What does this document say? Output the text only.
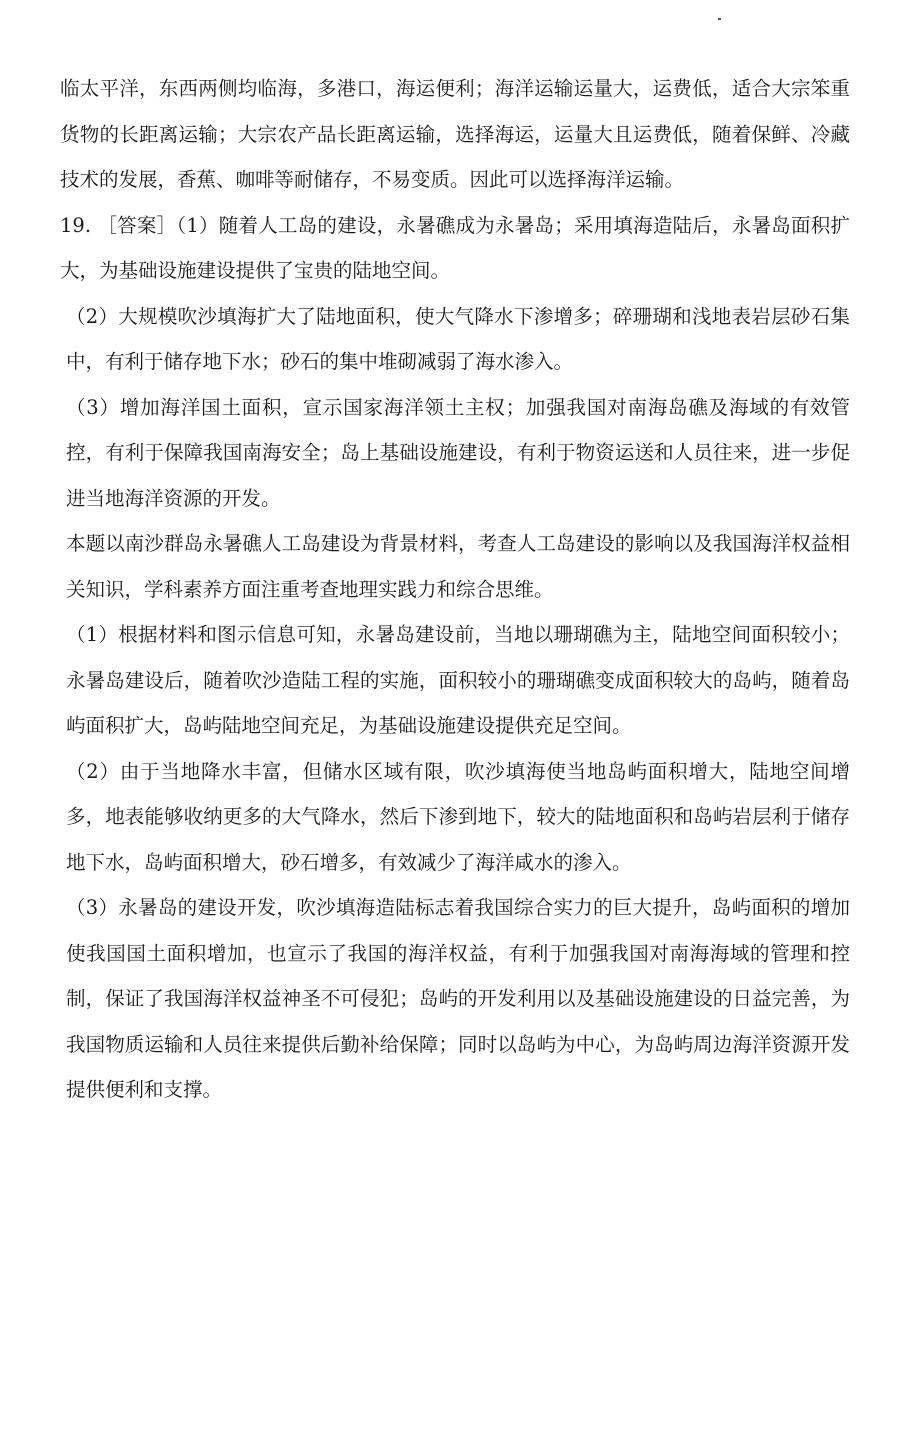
临太平洋，东西两侧均临海，多港口，海运便利；海洋运输运量大，运费低，适合大宗笨重货物的长距离运输；大宗农产品长距离运输，选择海运，运量大且运费低，随着保鲜、冷藏技术的发展，香蕉、咖啡等耐储存，不易变质。因此可以选择海洋运输。

19. ［答案］（1）随着人工岛的建设，永暑礁成为永暑岛；采用填海造陆后，永暑岛面积扩大，为基础设施建设提供了宝贵的陆地空间。

（2）大规模吹沙填海扩大了陆地面积，使大气降水下渗增多；碎珊瑚和浅地表岩层砂石集中，有利于储存地下水；砂石的集中堆砌减弱了海水渗入。

（3）增加海洋国土面积，宣示国家海洋领土主权；加强我国对南海岛礁及海域的有效管控，有利于保障我国南海安全；岛上基础设施建设，有利于物资运送和人员往来，进一步促进当地海洋资源的开发。

本题以南沙群岛永暑礁人工岛建设为背景材料，考查人工岛建设的影响以及我国海洋权益相关知识，学科素养方面注重考查地理实践力和综合思维。

（1）根据材料和图示信息可知，永暑岛建设前，当地以珊瑚礁为主，陆地空间面积较小；永暑岛建设后，随着吹沙造陆工程的实施，面积较小的珊瑚礁变成面积较大的岛屿，随着岛屿面积扩大，岛屿陆地空间充足，为基础设施建设提供充足空间。

（2）由于当地降水丰富，但储水区域有限，吹沙填海使当地岛屿面积增大，陆地空间增多，地表能够收纳更多的大气降水，然后下渗到地下，较大的陆地面积和岛屿岩层利于储存地下水，岛屿面积增大，砂石增多，有效减少了海洋咸水的渗入。

（3）永暑岛的建设开发，吹沙填海造陆标志着我国综合实力的巨大提升，岛屿面积的增加使我国国土面积增加，也宣示了我国的海洋权益，有利于加强我国对南海海域的管理和控制，保证了我国海洋权益神圣不可侵犯；岛屿的开发利用以及基础设施建设的日益完善，为我国物质运输和人员往来提供后勤补给保障；同时以岛屿为中心，为岛屿周边海洋资源开发提供便利和支撑。
